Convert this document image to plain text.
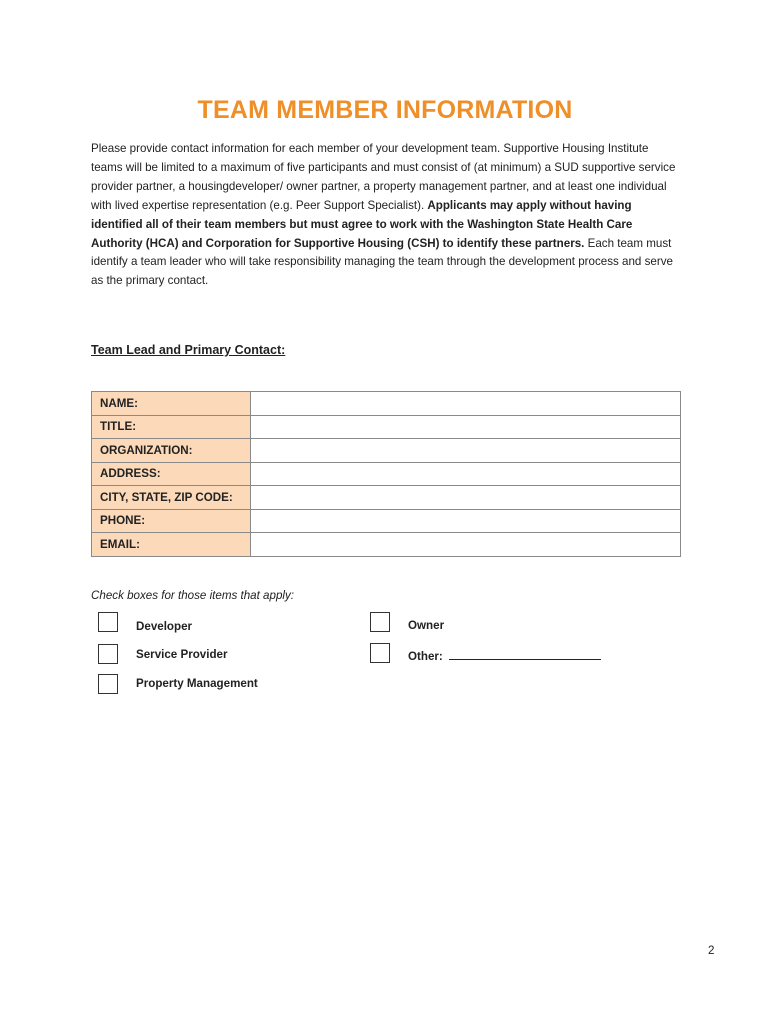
TEAM MEMBER INFORMATION
Please provide contact information for each member of your development team. Supportive Housing Institute teams will be limited to a maximum of five participants and must consist of (at minimum) a SUD supportive service provider partner, a housingdeveloper/ owner partner, a property management partner, and at least one individual with lived expertise representation (e.g. Peer Support Specialist). Applicants may apply without having identified all of their team members but must agree to work with the Washington State Health Care Authority (HCA) and Corporation for Supportive Housing (CSH) to identify these partners. Each team must identify a team leader who will take responsibility managing the team through the development process and serve as the primary contact.
Team Lead and Primary Contact:
NAME:	
TITLE:	
ORGANIZATION:	
ADDRESS:	
CITY, STATE, ZIP CODE:	
PHONE:	
EMAIL:	
Check boxes for those items that apply:
Developer
Service Provider
Property Management
Owner
Other:
2
